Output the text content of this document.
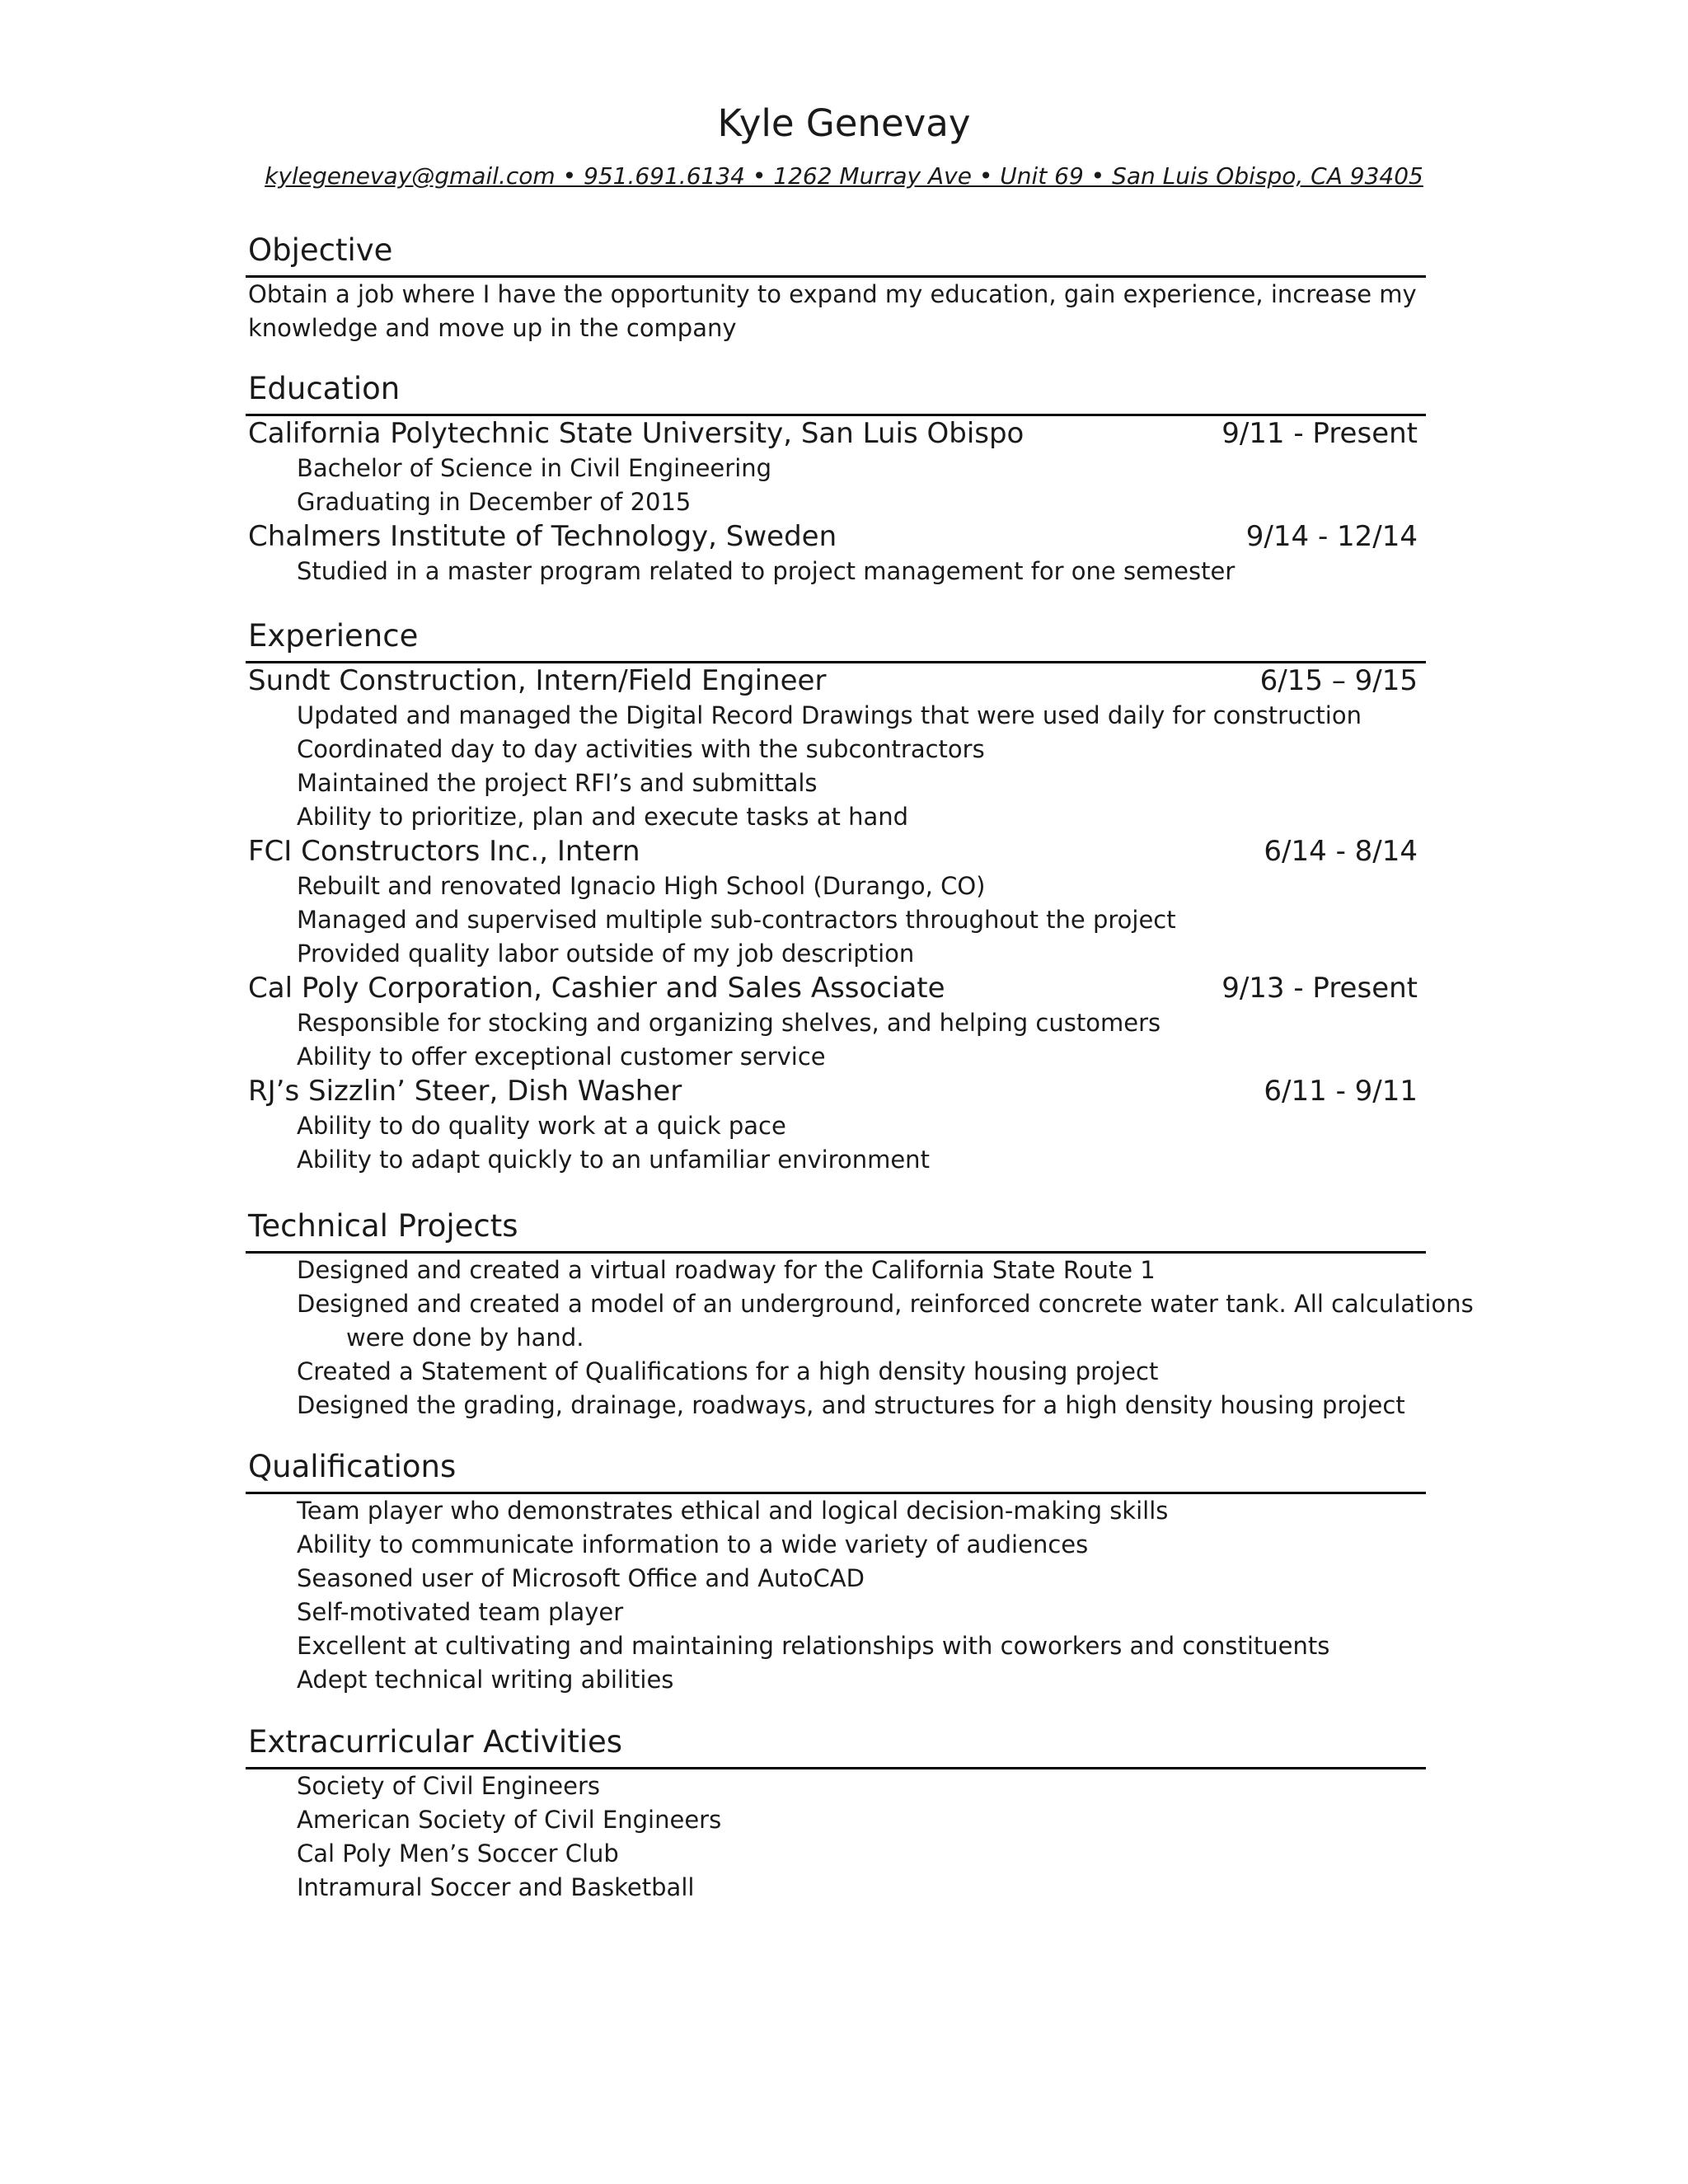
Kyle Genevay
kylegenevay@gmail.com • 951.691.6134 • 1262 Murray Ave • Unit 69 • San Luis Obispo, CA 93405
Objective
Obtain a job where I have the opportunity to expand my education, gain experience, increase my
knowledge and move up in the company
Education
California Polytechnic State University, San Luis Obispo	9/11 - Present
Bachelor of Science in Civil Engineering
Graduating in December of 2015
Chalmers Institute of Technology, Sweden	9/14 - 12/14
Studied in a master program related to project management for one semester
Experience
Sundt Construction, Intern/Field Engineer	6/15 – 9/15
Updated and managed the Digital Record Drawings that were used daily for construction
Coordinated day to day activities with the subcontractors
Maintained the project RFI’s and submittals
Ability to prioritize, plan and execute tasks at hand
FCI Constructors Inc., Intern	6/14 - 8/14
Rebuilt and renovated Ignacio High School (Durango, CO)
Managed and supervised multiple sub-contractors throughout the project
Provided quality labor outside of my job description
Cal Poly Corporation, Cashier and Sales Associate	9/13 - Present
Responsible for stocking and organizing shelves, and helping customers
Ability to offer exceptional customer service
RJ’s Sizzlin’ Steer, Dish Washer	6/11 - 9/11
Ability to do quality work at a quick pace
Ability to adapt quickly to an unfamiliar environment
Technical Projects
Designed and created a virtual roadway for the California State Route 1
Designed and created a model of an underground, reinforced concrete water tank. All calculations
were done by hand.
Created a Statement of Qualifications for a high density housing project
Designed the grading, drainage, roadways, and structures for a high density housing project
Qualifications
Team player who demonstrates ethical and logical decision-making skills
Ability to communicate information to a wide variety of audiences
Seasoned user of Microsoft Office and AutoCAD
Self-motivated team player
Excellent at cultivating and maintaining relationships with coworkers and constituents
Adept technical writing abilities
Extracurricular Activities
Society of Civil Engineers
American Society of Civil Engineers
Cal Poly Men’s Soccer Club
Intramural Soccer and Basketball
